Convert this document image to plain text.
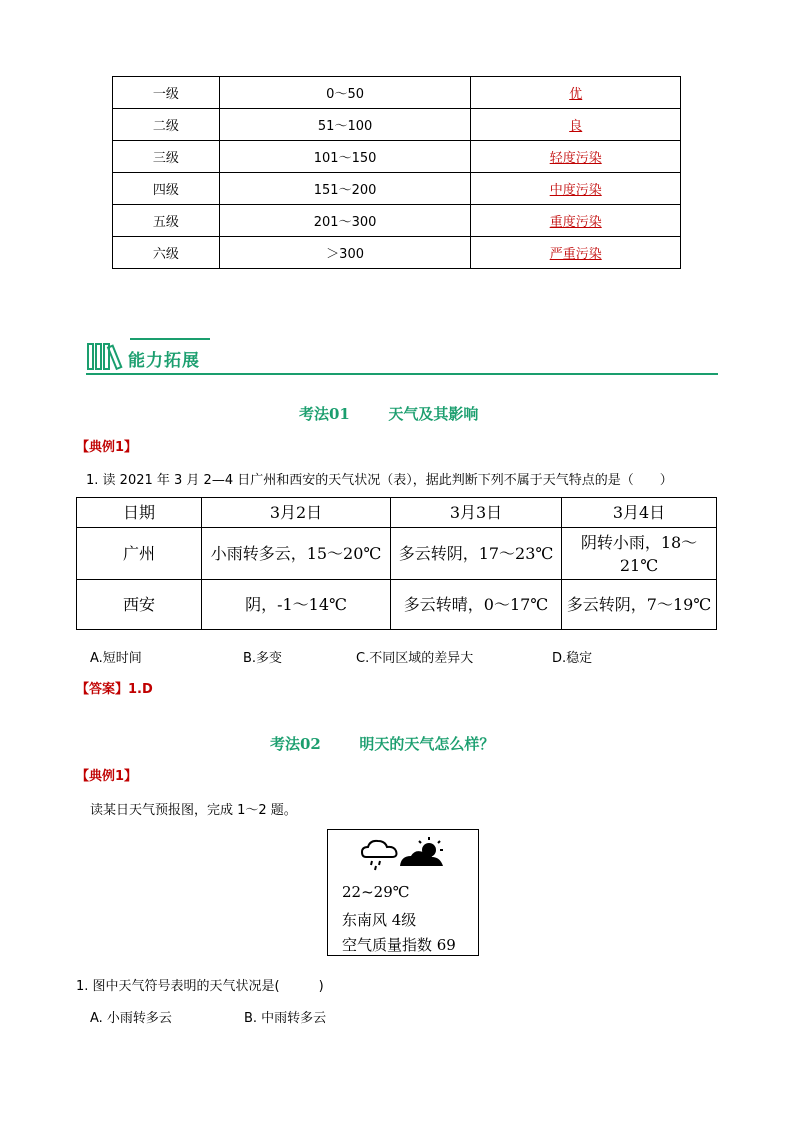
一级	0～50	优
二级	51～100	良
三级	101～150	轻度污染
四级	151～200	中度污染
五级	201～300	重度污染
六级	＞300	严重污染
能力拓展
考法01	天气及其影响
【典例1】
1. 读 2021 年 3 月 2—4 日广州和西安的天气状况（表），据此判断下列不属于天气特点的是（　　）
日期	3月2日	3月3日	3月4日
广州	小雨转多云，15～20℃	多云转阴，17～23℃	阴转小雨，18～21℃
西安	阴，-1～14℃	多云转晴，0～17℃	多云转阴，7～19℃
A.短时间	B.多变	C.不同区域的差异大	D.稳定
【答案】1.D
考法02	明天的天气怎么样？
【典例1】
读某日天气预报图，完成 1～2 题。
22~29℃
东南风 4级
空气质量指数 69
1. 图中天气符号表明的天气状况是(　　　)
A. 小雨转多云	B. 中雨转多云
